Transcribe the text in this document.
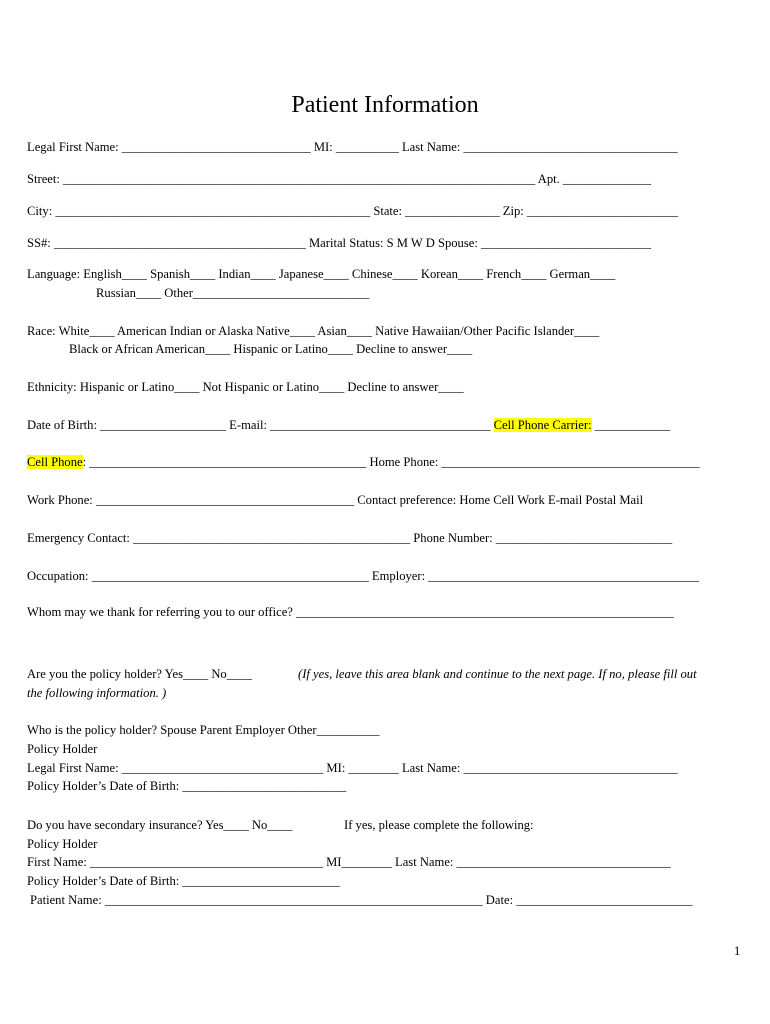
Patient Information
Legal First Name: ______________________________ MI: __________ Last Name: __________________________________
Street: ___________________________________________________________________________ Apt. ______________
City: __________________________________________________ State: _______________ Zip: ________________________
SS#: ________________________________________ Marital Status: S M W D Spouse: ___________________________
Language: English____ Spanish____ Indian____ Japanese____ Chinese____ Korean____ French____ German____
Russian____ Other____________________________
Race: White____ American Indian or Alaska Native____ Asian____ Native Hawaiian/Other Pacific Islander____
Black or African American____ Hispanic or Latino____ Decline to answer____
Ethnicity: Hispanic or Latino____ Not Hispanic or Latino____ Decline to answer____
Date of Birth: ____________________ E-mail: ___________________________________ Cell Phone Carrier: ____________
Cell Phone: ____________________________________________ Home Phone: _________________________________________
Work Phone: _________________________________________ Contact preference: Home Cell Work E-mail Postal Mail
Emergency Contact: ____________________________________________ Phone Number: ____________________________
Occupation: ____________________________________________ Employer: ___________________________________________
Whom may we thank for referring you to our office? ____________________________________________________________
Are you the policy holder? Yes____ No____	(If yes, leave this area blank and continue to the next page. If no, please fill out
the following information. )
Who is the policy holder? Spouse Parent Employer Other__________
Policy Holder
Legal First Name: ________________________________ MI: ________ Last Name: __________________________________
Policy Holder’s Date of Birth: __________________________
Do you have secondary insurance? Yes____ No____	If yes, please complete the following:
Policy Holder
First Name: _____________________________________ MI________ Last Name: __________________________________
Policy Holder’s Date of Birth: _________________________
Patient Name: ____________________________________________________________ Date: ____________________________
1
